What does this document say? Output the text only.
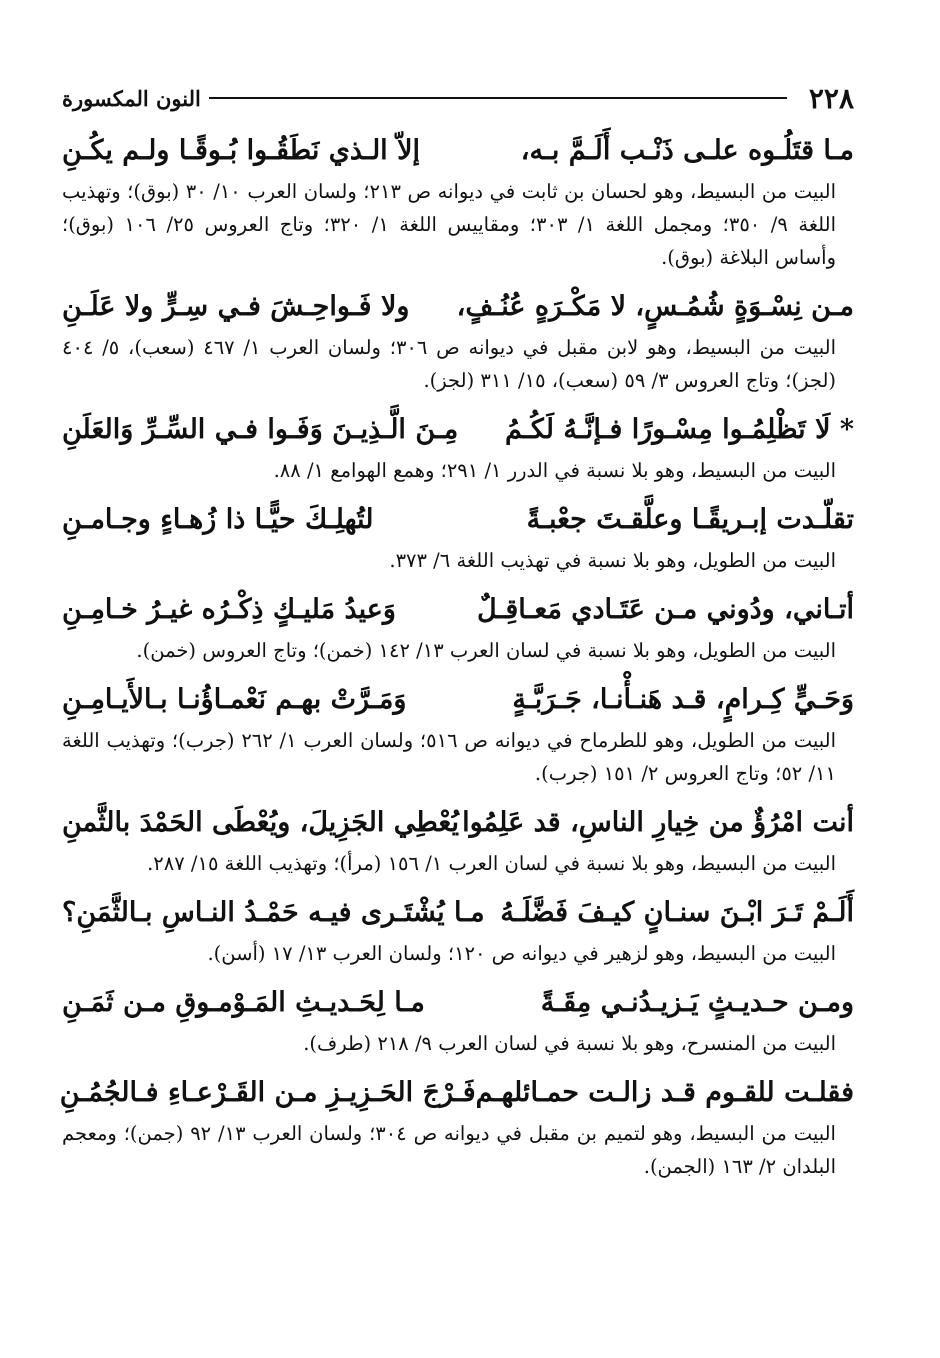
٢٢٨
النون المكسورة
مـا قتَلُـوه علـى ذَنْـب أَلَـمَّ بـه،
إلاّ الـذي نَطَقُـوا بُـوقًـا ولـم يكُـنِ
البيت من البسيط، وهو لحسان بن ثابت في ديوانه ص ٢١٣؛ ولسان العرب ١٠/ ٣٠ (بوق)؛ وتهذيب اللغة ٩/ ٣٥٠؛ ومجمل اللغة ١/ ٣٠٣؛ ومقاييس اللغة ١/ ٣٢٠؛ وتاج العروس ٢٥/ ١٠٦ (بوق)؛ وأساس البلاغة (بوق).
مـن نِسْـوَةٍ شُمُـسٍ، لا مَكْـرَهٍ عُنُـفٍ،
ولا فَـواحِـشَ فـي سِـرٍّ ولا عَلَـنِ
البيت من البسيط، وهو لابن مقبل في ديوانه ص ٣٠٦؛ ولسان العرب ١/ ٤٦٧ (سعب)، ٥/ ٤٠٤ (لجز)؛ وتاج العروس ٣/ ٥٩ (سعب)، ١٥/ ٣١١ (لجز).
* لَا تَظْلِمُـوا مِسْـورًا فـإنَّـهُ لَكُـمُ
مِـنَ الَّـذِيـنَ وَفَـوا فـي السِّـرِّ وَالعَلَنِ
البيت من البسيط، وهو بلا نسبة في الدرر ١/ ٢٩١؛ وهمع الهوامع ١/ ٨٨.
تقلّـدت إبـريقًـا وعلَّقـتَ جعْبـةً
لتُهلِـكَ حيًّـا ذا زُهـاءٍ وجـامـنِ
البيت من الطويل، وهو بلا نسبة في تهذيب اللغة ٦/ ٣٧٣.
أتـاني، ودُوني مـن عَتَـادي مَعـاقِـلٌ
وَعيدُ مَليـكٍ ذِكْـرُه غيـرُ خـامِـنِ
البيت من الطويل، وهو بلا نسبة في لسان العرب ١٣/ ١٤٢ (خمن)؛ وتاج العروس (خمن).
وَحَـيٍّ كِـرامٍ، قـد هَنـأْنـا، جَـرَبَّـةٍ
وَمَـرَّتْ بهـم نَعْمـاؤُنـا بـالأَيـامِـنِ
البيت من الطويل، وهو للطرماح في ديوانه ص ٥١٦؛ ولسان العرب ١/ ٢٦٢ (جرب)؛ وتهذيب اللغة ١١/ ٥٢؛ وتاج العروس ٢/ ١٥١ (جرب).
أنت امْرُؤٌ من خِيارِ الناسِ، قد عَلِمُوا
يُعْطِي الجَزِيلَ، ويُعْطَى الحَمْدَ بالثَّمنِ
البيت من البسيط، وهو بلا نسبة في لسان العرب ١/ ١٥٦ (مرأ)؛ وتهذيب اللغة ١٥/ ٢٨٧.
أَلَـمْ تَـرَ ابْـنَ سنـانٍ كيـفَ فَضَّلَـهُ
مـا يُشْتَـرى فيـه حَمْـدُ النـاسِ بـالثَّمَنِ؟
البيت من البسيط، وهو لزهير في ديوانه ص ١٢٠؛ ولسان العرب ١٣/ ١٧ (أسن).
ومـن حـديـثٍ يَـزيـدُنـي مِقَـةً
مـا لِحَـديـثِ المَـوْمـوقِ مـن ثَمَـنِ
البيت من المنسرح، وهو بلا نسبة في لسان العرب ٩/ ٢١٨ (طرف).
فقلـت للقـوم قـد زالـت حمـائلهـم
فَـرْجَ الحَـزِيـزِ مـن القَـرْعـاءِ فـالجُمُـنِ
البيت من البسيط، وهو لتميم بن مقبل في ديوانه ص ٣٠٤؛ ولسان العرب ١٣/ ٩٢ (جمن)؛ ومعجم البلدان ٢/ ١٦٣ (الجمن).
